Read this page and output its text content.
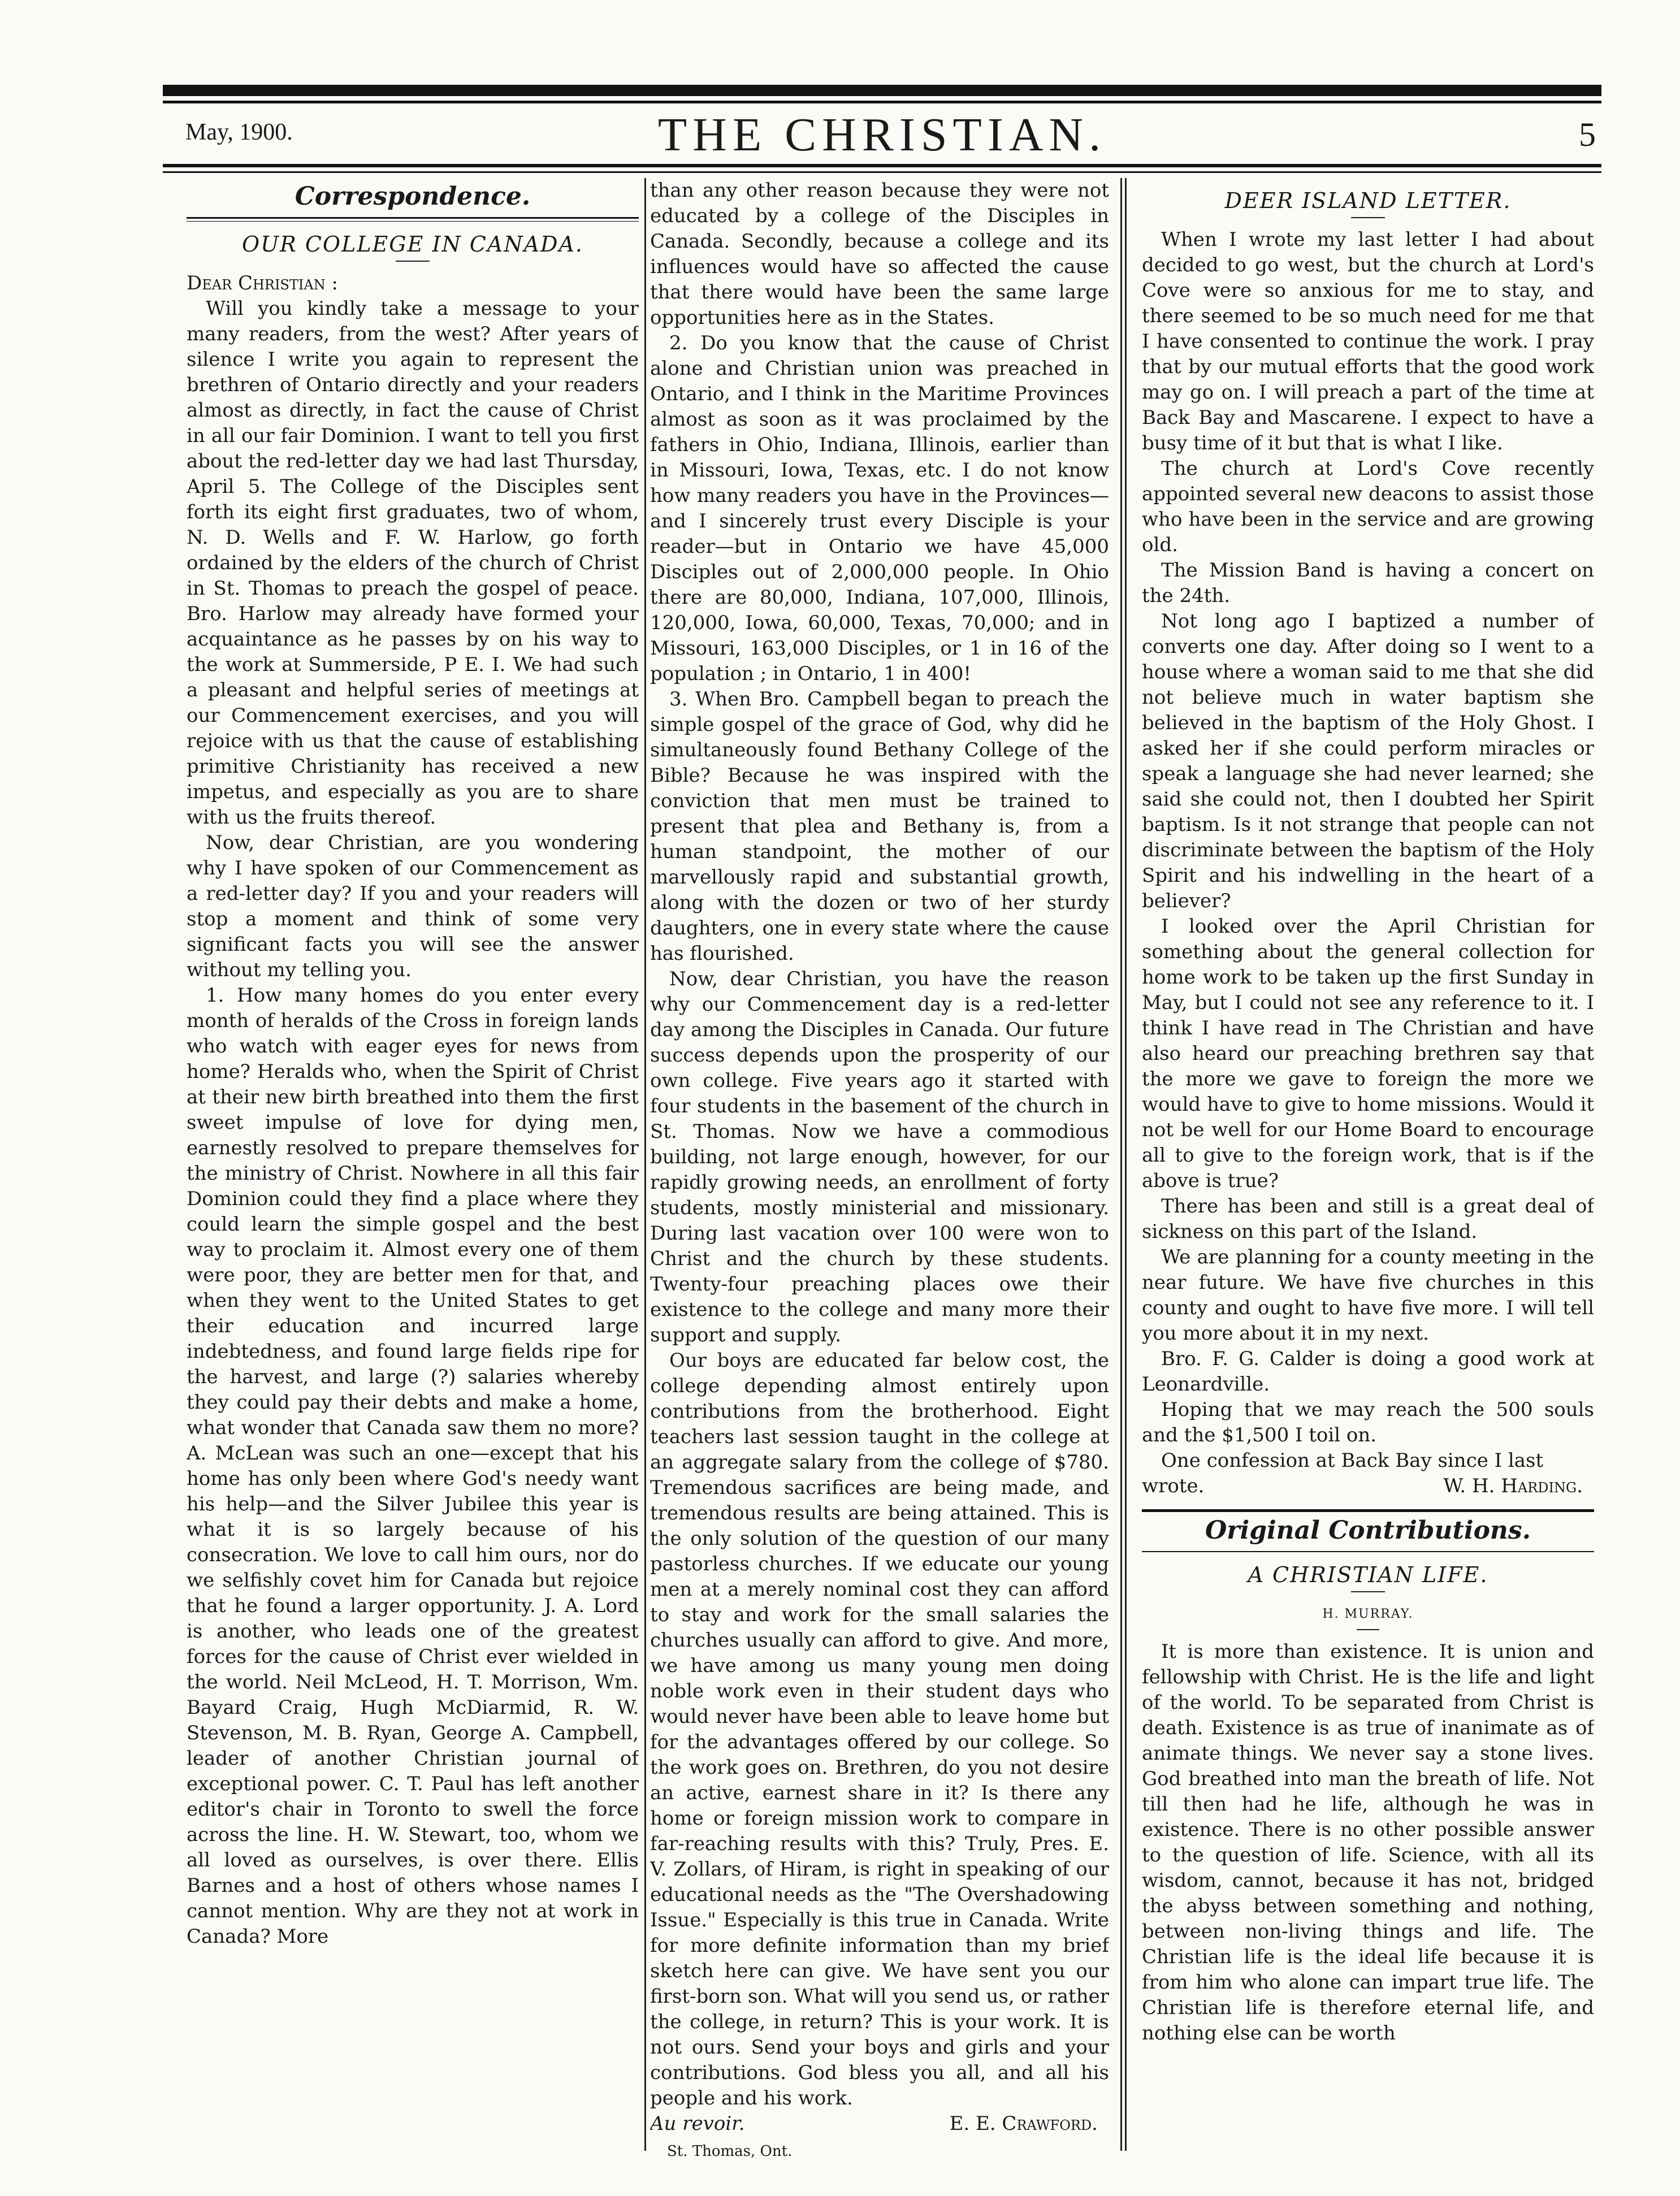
May, 1900.	THE CHRISTIAN.	5
Correspondence.
OUR COLLEGE IN CANADA.

Dear Christian :

Will you kindly take a message to your many readers, from the west? After years of silence I write you again to represent the brethren of Ontario directly and your readers almost as directly, in fact the cause of Christ in all our fair Dominion. I want to tell you first about the red-letter day we had last Thursday, April 5. The College of the Disciples sent forth its eight first graduates, two of whom, N. D. Wells and F. W. Harlow, go forth ordained by the elders of the church of Christ in St. Thomas to preach the gospel of peace. Bro. Harlow may already have formed your acquaintance as he passes by on his way to the work at Summerside, P E. I. We had such a pleasant and helpful series of meetings at our Commencement exercises, and you will rejoice with us that the cause of establishing primitive Christianity has received a new impetus, and especially as you are to share with us the fruits thereof.

Now, dear Christian, are you wondering why I have spoken of our Commencement as a red-letter day? If you and your readers will stop a moment and think of some very significant facts you will see the answer without my telling you.

1. How many homes do you enter every month of heralds of the Cross in foreign lands who watch with eager eyes for news from home? Heralds who, when the Spirit of Christ at their new birth breathed into them the first sweet impulse of love for dying men, earnestly resolved to prepare themselves for the ministry of Christ. Nowhere in all this fair Dominion could they find a place where they could learn the simple gospel and the best way to proclaim it. Almost every one of them were poor, they are better men for that, and when they went to the United States to get their education and incurred large indebtedness, and found large fields ripe for the harvest, and large (?) salaries whereby they could pay their debts and make a home, what wonder that Canada saw them no more? A. McLean was such an one—except that his home has only been where God's needy want his help—and the Silver Jubilee this year is what it is so largely because of his consecration. We love to call him ours, nor do we selfishly covet him for Canada but rejoice that he found a larger opportunity. J. A. Lord is another, who leads one of the greatest forces for the cause of Christ ever wielded in the world. Neil McLeod, H. T. Morrison, Wm. Bayard Craig, Hugh McDiarmid, R. W. Stevenson, M. B. Ryan, George A. Campbell, leader of another Christian journal of exceptional power. C. T. Paul has left another editor's chair in Toronto to swell the force across the line. H. W. Stewart, too, whom we all loved as ourselves, is over there. Ellis Barnes and a host of others whose names I cannot mention. Why are they not at work in Canada? More

than any other reason because they were not educated by a college of the Disciples in Canada. Secondly, because a college and its influences would have so affected the cause that there would have been the same large opportunities here as in the States.

2. Do you know that the cause of Christ alone and Christian union was preached in Ontario, and I think in the Maritime Provinces almost as soon as it was proclaimed by the fathers in Ohio, Indiana, Illinois, earlier than in Missouri, Iowa, Texas, etc. I do not know how many readers you have in the Provinces—and I sincerely trust every Disciple is your reader—but in Ontario we have 45,000 Disciples out of 2,000,000 people. In Ohio there are 80,000, Indiana, 107,000, Illinois, 120,000, Iowa, 60,000, Texas, 70,000; and in Missouri, 163,000 Disciples, or 1 in 16 of the population ; in Ontario, 1 in 400!

3. When Bro. Campbell began to preach the simple gospel of the grace of God, why did he simultaneously found Bethany College of the Bible? Because he was inspired with the conviction that men must be trained to present that plea and Bethany is, from a human standpoint, the mother of our marvellously rapid and substantial growth, along with the dozen or two of her sturdy daughters, one in every state where the cause has flourished.

Now, dear Christian, you have the reason why our Commencement day is a red-letter day among the Disciples in Canada. Our future success depends upon the prosperity of our own college. Five years ago it started with four students in the basement of the church in St. Thomas. Now we have a commodious building, not large enough, however, for our rapidly growing needs, an enrollment of forty students, mostly ministerial and missionary. During last vacation over 100 were won to Christ and the church by these students. Twenty-four preaching places owe their existence to the college and many more their support and supply.

Our boys are educated far below cost, the college depending almost entirely upon contributions from the brotherhood. Eight teachers last session taught in the college at an aggregate salary from the college of $780. Tremendous sacrifices are being made, and tremendous results are being attained. This is the only solution of the question of our many pastorless churches. If we educate our young men at a merely nominal cost they can afford to stay and work for the small salaries the churches usually can afford to give. And more, we have among us many young men doing noble work even in their student days who would never have been able to leave home but for the advantages offered by our college. So the work goes on. Brethren, do you not desire an active, earnest share in it? Is there any home or foreign mission work to compare in far-reaching results with this? Truly, Pres. E. V. Zollars, of Hiram, is right in speaking of our educational needs as the "The Overshadowing Issue." Especially is this true in Canada. Write for more definite information than my brief sketch here can give. We have sent you our first-born son. What will you send us, or rather the college, in return? This is your work. It is not ours. Send your boys and girls and your contributions. God bless you all, and all his people and his work.

Au revoir.	E. E. Crawford.
St. Thomas, Ont.
DEER ISLAND LETTER.

When I wrote my last letter I had about decided to go west, but the church at Lord's Cove were so anxious for me to stay, and there seemed to be so much need for me that I have consented to continue the work. I pray that by our mutual efforts that the good work may go on. I will preach a part of the time at Back Bay and Mascarene. I expect to have a busy time of it but that is what I like.

The church at Lord's Cove recently appointed several new deacons to assist those who have been in the service and are growing old.

The Mission Band is having a concert on the 24th.

Not long ago I baptized a number of converts one day. After doing so I went to a house where a woman said to me that she did not believe much in water baptism she believed in the baptism of the Holy Ghost. I asked her if she could perform miracles or speak a language she had never learned; she said she could not, then I doubted her Spirit baptism. Is it not strange that people can not discriminate between the baptism of the Holy Spirit and his indwelling in the heart of a believer?

I looked over the April Christian for something about the general collection for home work to be taken up the first Sunday in May, but I could not see any reference to it. I think I have read in The Christian and have also heard our preaching brethren say that the more we gave to foreign the more we would have to give to home missions. Would it not be well for our Home Board to encourage all to give to the foreign work, that is if the above is true?

There has been and still is a great deal of sickness on this part of the Island.

We are planning for a county meeting in the near future. We have five churches in this county and ought to have five more. I will tell you more about it in my next.

Bro. F. G. Calder is doing a good work at Leonardville.

Hoping that we may reach the 500 souls and the $1,500 I toil on.

One confession at Back Bay since I last

wrote.	W. H. Harding.
Original Contributions.
A CHRISTIAN LIFE.
H. MURRAY.

It is more than existence. It is union and fellowship with Christ. He is the life and light of the world. To be separated from Christ is death. Existence is as true of inanimate as of animate things. We never say a stone lives. God breathed into man the breath of life. Not till then had he life, although he was in existence. There is no other possible answer to the question of life. Science, with all its wisdom, cannot, because it has not, bridged the abyss between something and nothing, between non-living things and life. The Christian life is the ideal life because it is from him who alone can impart true life. The Christian life is therefore eternal life, and nothing else can be worth
